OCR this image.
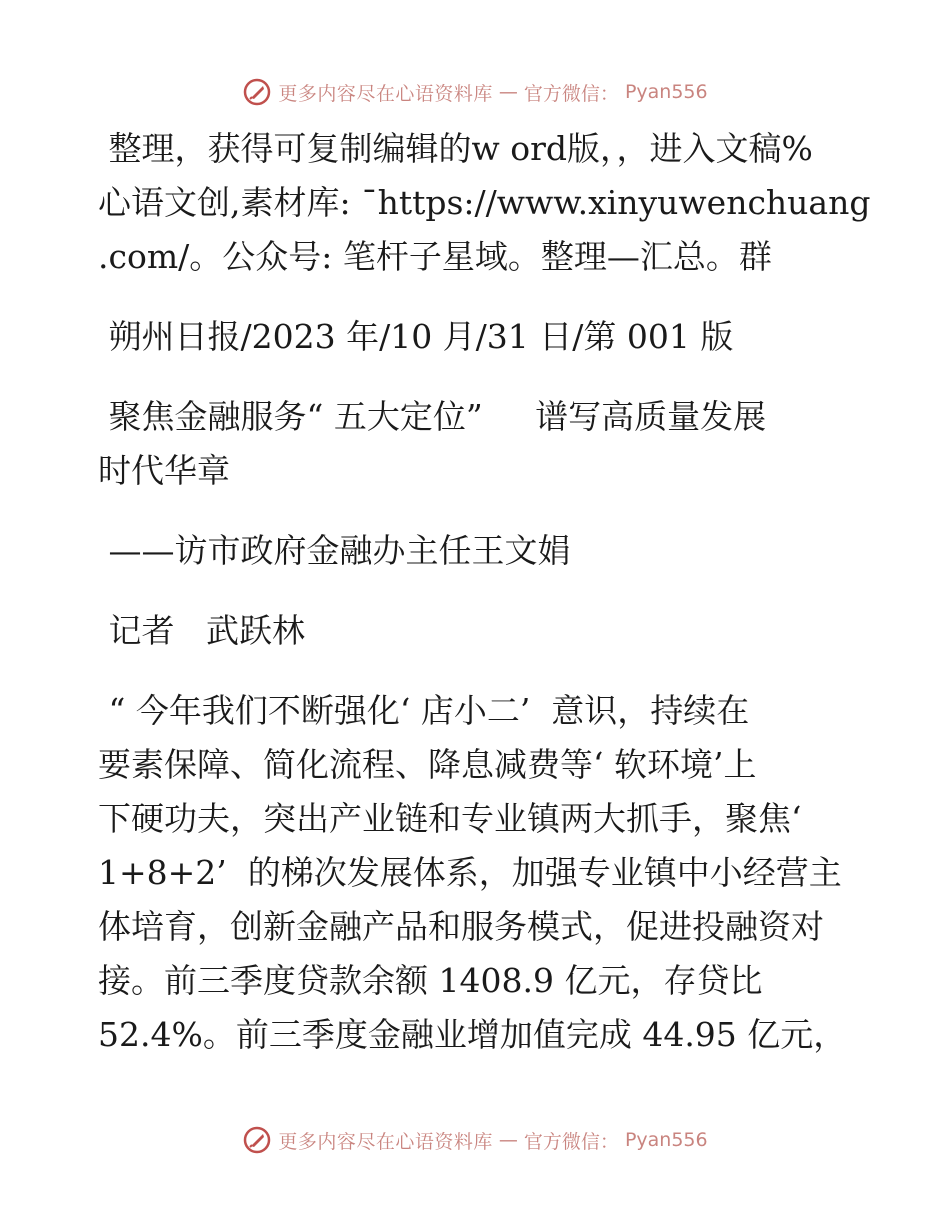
更多内容尽在心语资料库 — 官方微信： Pyan556
整理，获得可复制编辑的w ord版，，进入文稿%
心语文创,素材库: ¯https://www.xinyuwenchuang
.com/。公众号: 笔杆子星域。整理—汇总。群
朔州日报/2023 年/10 月/31 日/第 001 版
聚焦金融服务“ 五大定位”     谱写高质量发展
时代华章
——访市政府金融办主任王文娟
记者   武跃林
“ 今年我们不断强化‘ 店小二’  意识，持续在
要素保障、简化流程、降息减费等‘ 软环境’上
下硬功夫，突出产业链和专业镇两大抓手，聚焦‘
1+8+2’  的梯次发展体系，加强专业镇中小经营主
体培育，创新金融产品和服务模式，促进投融资对
接。前三季度贷款余额 1408.9 亿元，存贷比
52.4%。前三季度金融业增加值完成 44.95 亿元，
更多内容尽在心语资料库 — 官方微信： Pyan556
